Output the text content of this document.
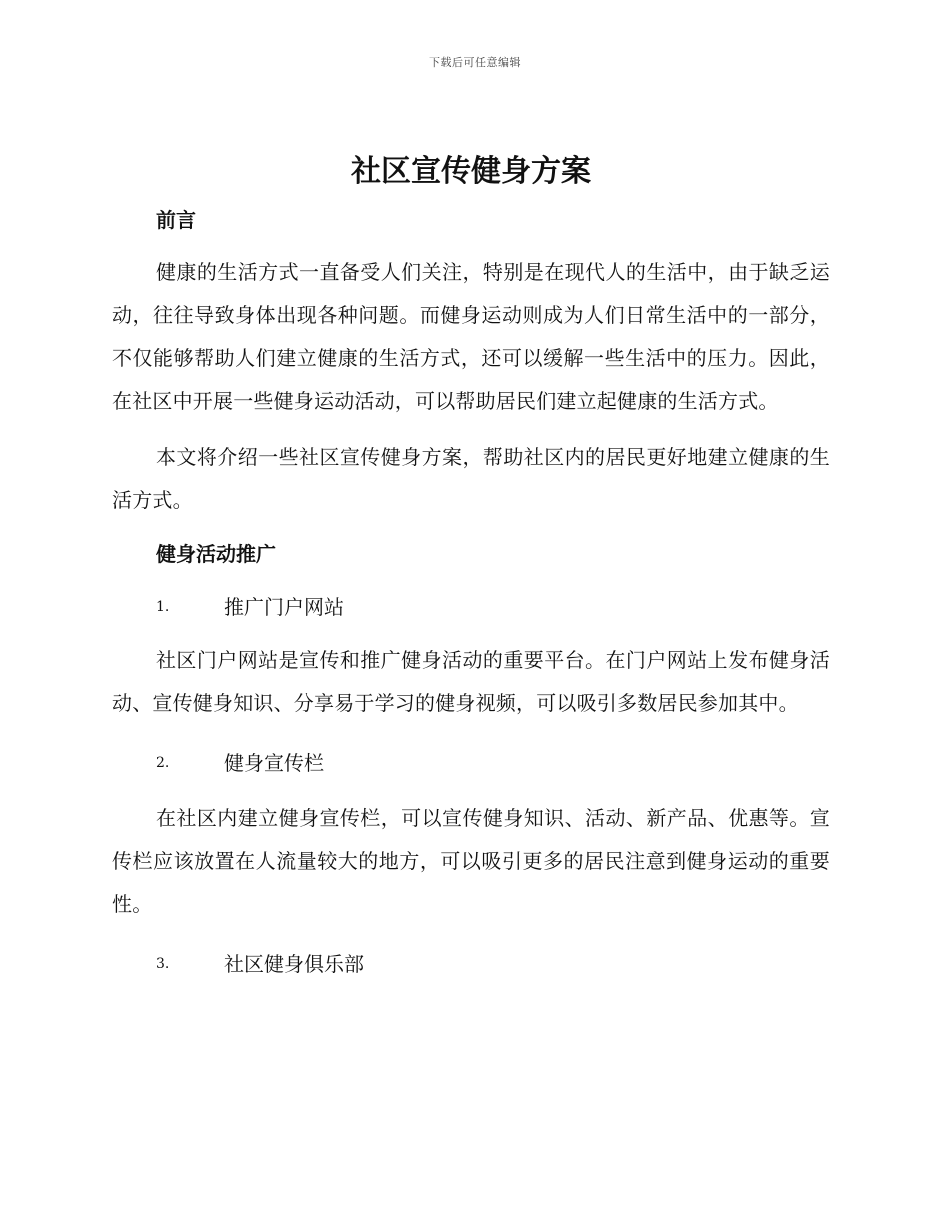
下载后可任意编辑
社区宣传健身方案
前言

健康的生活方式一直备受人们关注，特别是在现代人的生活中，由于缺乏运动，往往导致身体出现各种问题。而健身运动则成为人们日常生活中的一部分，不仅能够帮助人们建立健康的生活方式，还可以缓解一些生活中的压力。因此，在社区中开展一些健身运动活动，可以帮助居民们建立起健康的生活方式。

本文将介绍一些社区宣传健身方案，帮助社区内的居民更好地建立健康的生活方式。

健身活动推广
1.	推广门户网站

社区门户网站是宣传和推广健身活动的重要平台。在门户网站上发布健身活动、宣传健身知识、分享易于学习的健身视频，可以吸引多数居民参加其中。

2.	健身宣传栏

在社区内建立健身宣传栏，可以宣传健身知识、活动、新产品、优惠等。宣传栏应该放置在人流量较大的地方，可以吸引更多的居民注意到健身运动的重要性。

3.	社区健身俱乐部
